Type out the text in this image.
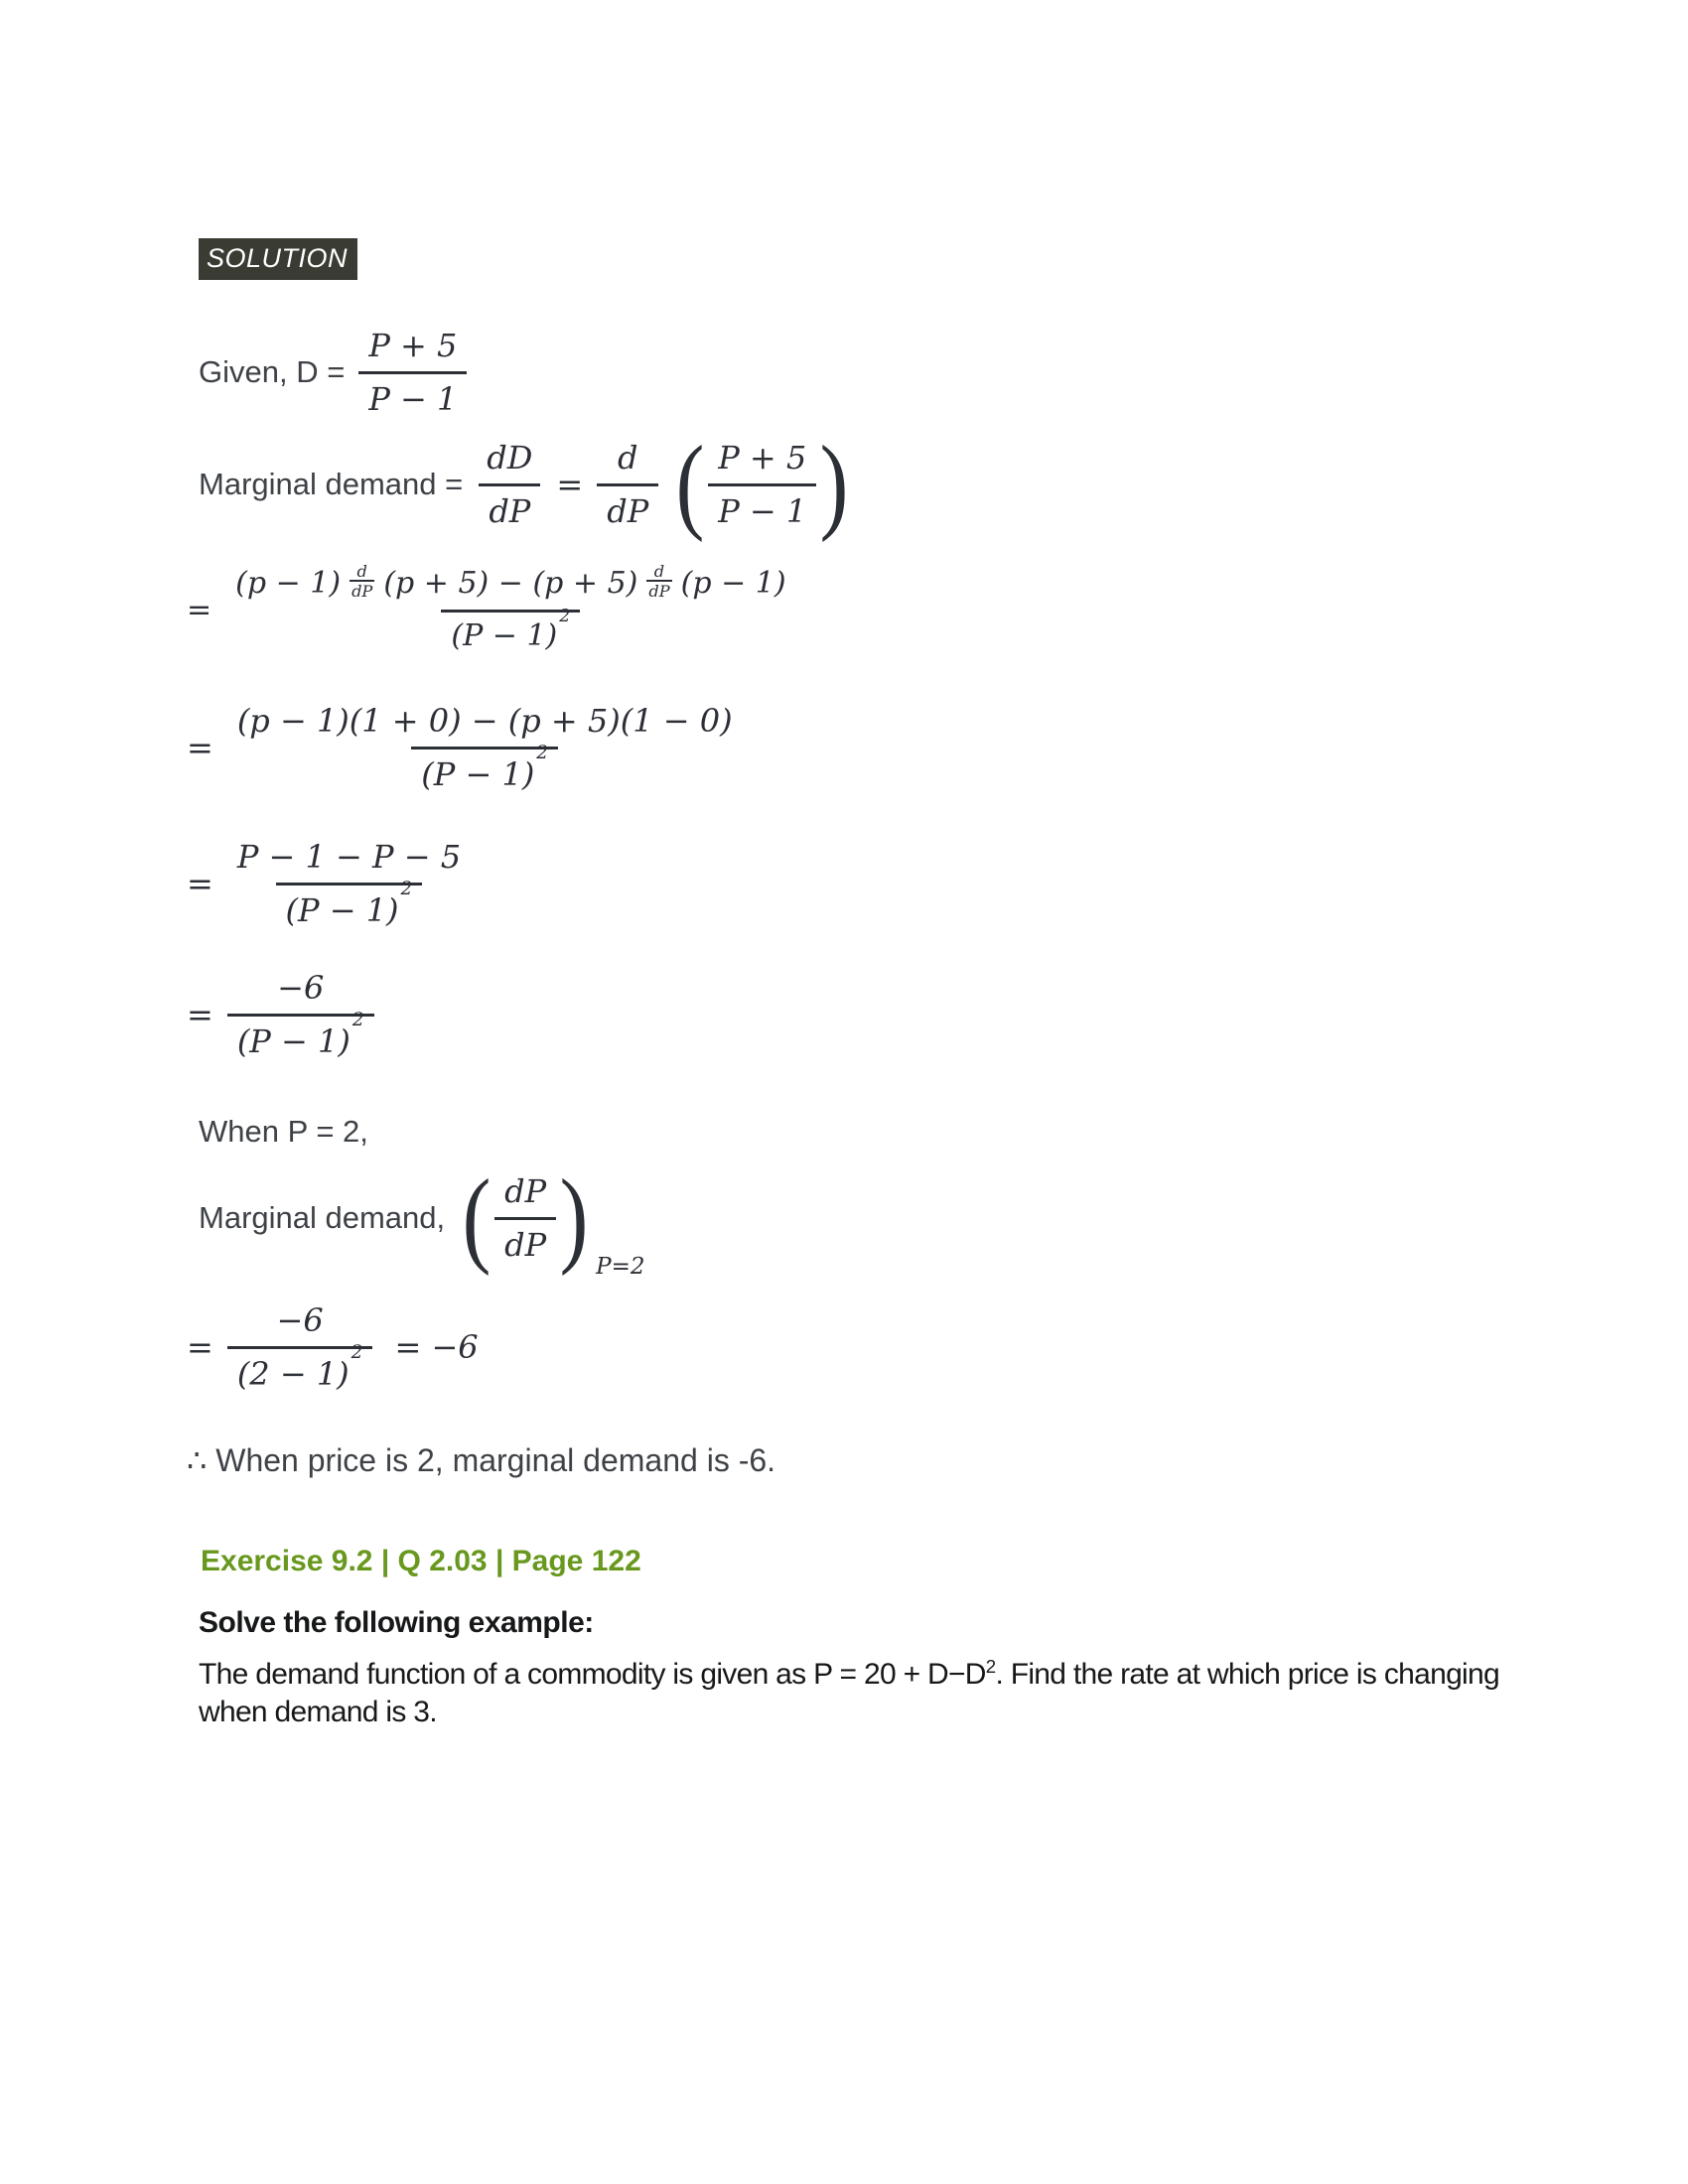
SOLUTION
Given, $D = \frac{P + 5}{P - 1}$
Marginal demand = $\frac{dD}{dP} = \frac{d}{dP}$ ( $\frac{P + 5}{P - 1}$ )
=
$(p - 1) \frac{d}{dP} (p + 5) - (p + 5) \frac{d}{dP} (p - 1)$
(P − 1)
2
= (p − 1)(1 + 0) − (p + 5)(1 − 0)
(P − 1)
2
= P − 1 − P − 5
(P − 1)
2
= −6
(P − 1)
2
When P = 2,
Marginal demand, ( $\frac{dP}{dP}$ ) P=2
= −6
(2 − 1)
2 = −6
∴ When price is 2, marginal demand is -6.
Exercise 9.2 | Q 2.03 | Page 122

Solve the following example:

The demand function of a commodity is given as $P = 20 + D-D^2$. Find the rate at which price is changing when demand is 3.
